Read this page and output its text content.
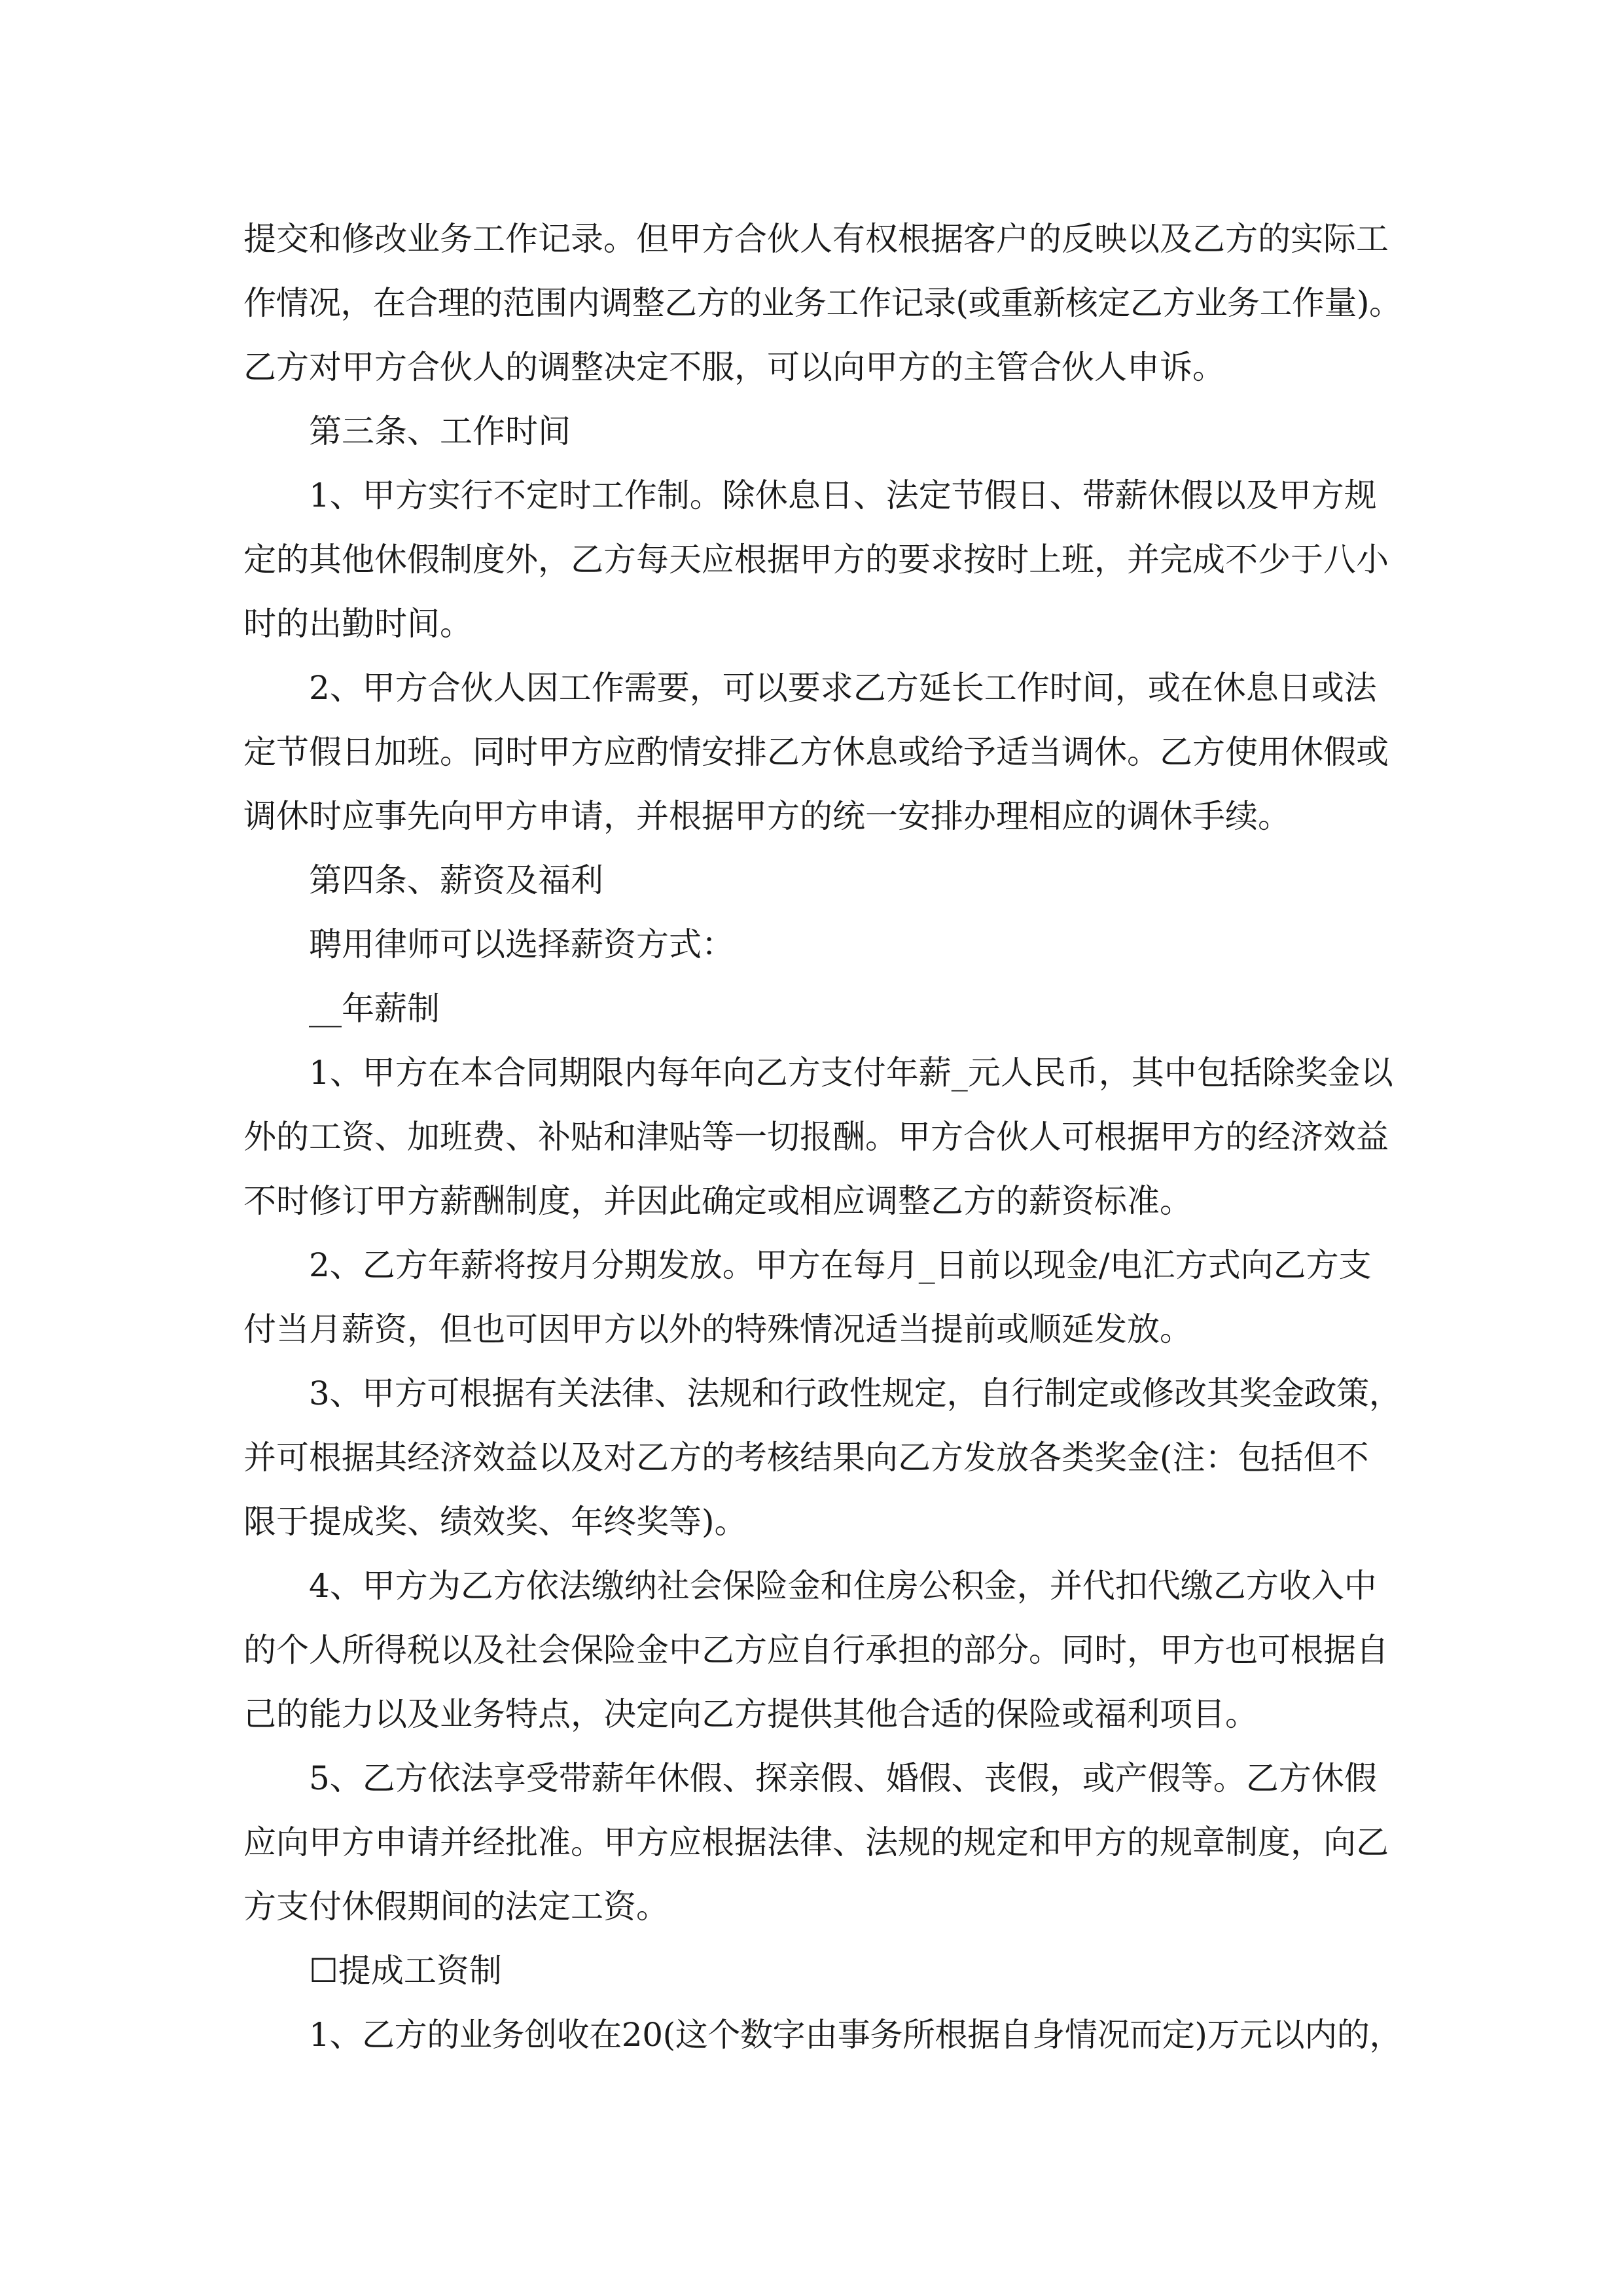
提交和修改业务工作记录。但甲方合伙人有权根据客户的反映以及乙方的实际工
作情况，在合理的范围内调整乙方的业务工作记录(或重新核定乙方业务工作量)。
乙方对甲方合伙人的调整决定不服，可以向甲方的主管合伙人申诉。
第三条、工作时间
1、甲方实行不定时工作制。除休息日、法定节假日、带薪休假以及甲方规
定的其他休假制度外，乙方每天应根据甲方的要求按时上班，并完成不少于八小
时的出勤时间。
2、甲方合伙人因工作需要，可以要求乙方延长工作时间，或在休息日或法
定节假日加班。同时甲方应酌情安排乙方休息或给予适当调休。乙方使用休假或
调休时应事先向甲方申请，并根据甲方的统一安排办理相应的调休手续。
第四条、薪资及福利
聘用律师可以选择薪资方式：
__年薪制
1、甲方在本合同期限内每年向乙方支付年薪_元人民币，其中包括除奖金以
外的工资、加班费、补贴和津贴等一切报酬。甲方合伙人可根据甲方的经济效益
不时修订甲方薪酬制度，并因此确定或相应调整乙方的薪资标准。
2、乙方年薪将按月分期发放。甲方在每月_日前以现金/电汇方式向乙方支
付当月薪资，但也可因甲方以外的特殊情况适当提前或顺延发放。
3、甲方可根据有关法律、法规和行政性规定，自行制定或修改其奖金政策，
并可根据其经济效益以及对乙方的考核结果向乙方发放各类奖金(注：包括但不
限于提成奖、绩效奖、年终奖等)。
4、甲方为乙方依法缴纳社会保险金和住房公积金，并代扣代缴乙方收入中
的个人所得税以及社会保险金中乙方应自行承担的部分。同时，甲方也可根据自
己的能力以及业务特点，决定向乙方提供其他合适的保险或福利项目。
5、乙方依法享受带薪年休假、探亲假、婚假、丧假，或产假等。乙方休假
应向甲方申请并经批准。甲方应根据法律、法规的规定和甲方的规章制度，向乙
方支付休假期间的法定工资。
☐提成工资制
1、乙方的业务创收在20(这个数字由事务所根据自身情况而定)万元以内的，
